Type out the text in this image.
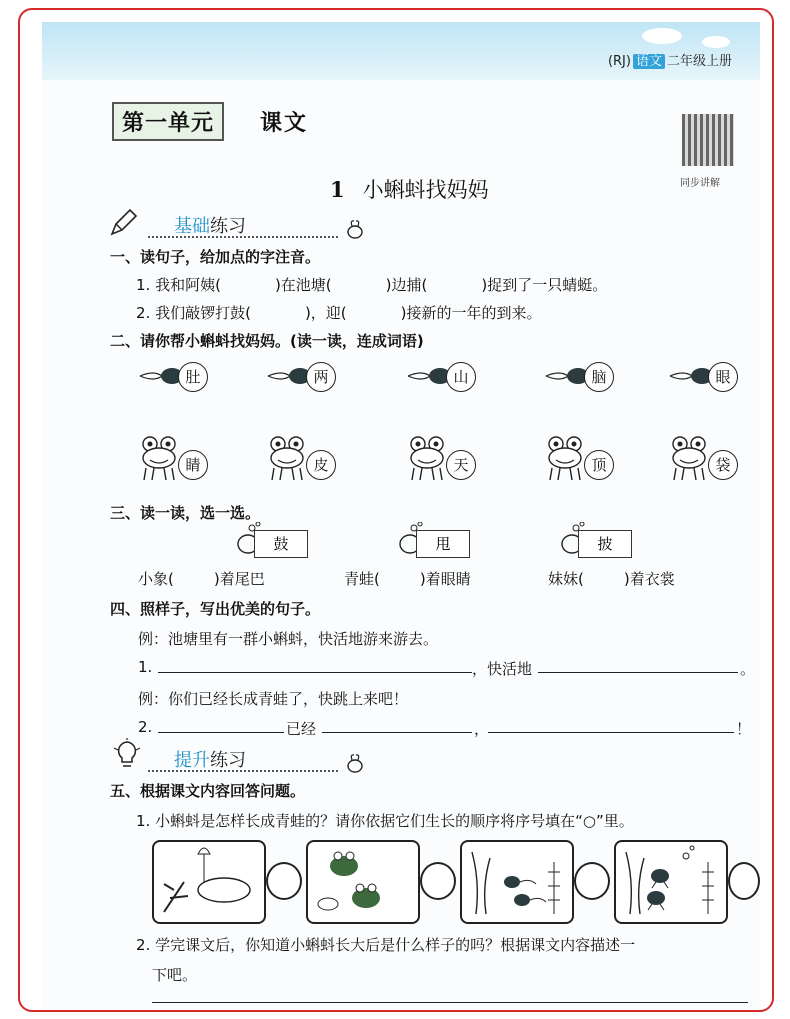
(RJ) 语文 二年级上册
第一单元	课文
同步讲解
1 小蝌蚪找妈妈
基础练习
一、读句子，给加点的字注音。
1. 我和阿姨(	)在池塘(	)边捕(	)捉到了一只蜻蜓。
2. 我们敲锣打鼓(	)，迎(	)接新的一年的到来。
二、请你帮小蝌蚪找妈妈。(读一读，连成词语)
肚	两	山	脑	眼
睛	皮	天	顶	袋
三、读一读，选一选。
鼓	甩	披
小象(	)着尾巴	青蛙(	)着眼睛	妹妹(	)着衣裳
四、照样子，写出优美的句子。
例：池塘里有一群小蝌蚪，快活地游来游去。
1.	，快活地	。
例：你们已经长成青蛙了，快跳上来吧！
2.	已经	，	！
提升练习
五、根据课文内容回答问题。
1. 小蝌蚪是怎样长成青蛙的？请你依据它们生长的顺序将序号填在“○”里。
2. 学完课文后，你知道小蝌蚪长大后是什么样子的吗？根据课文内容描述一
下吧。
